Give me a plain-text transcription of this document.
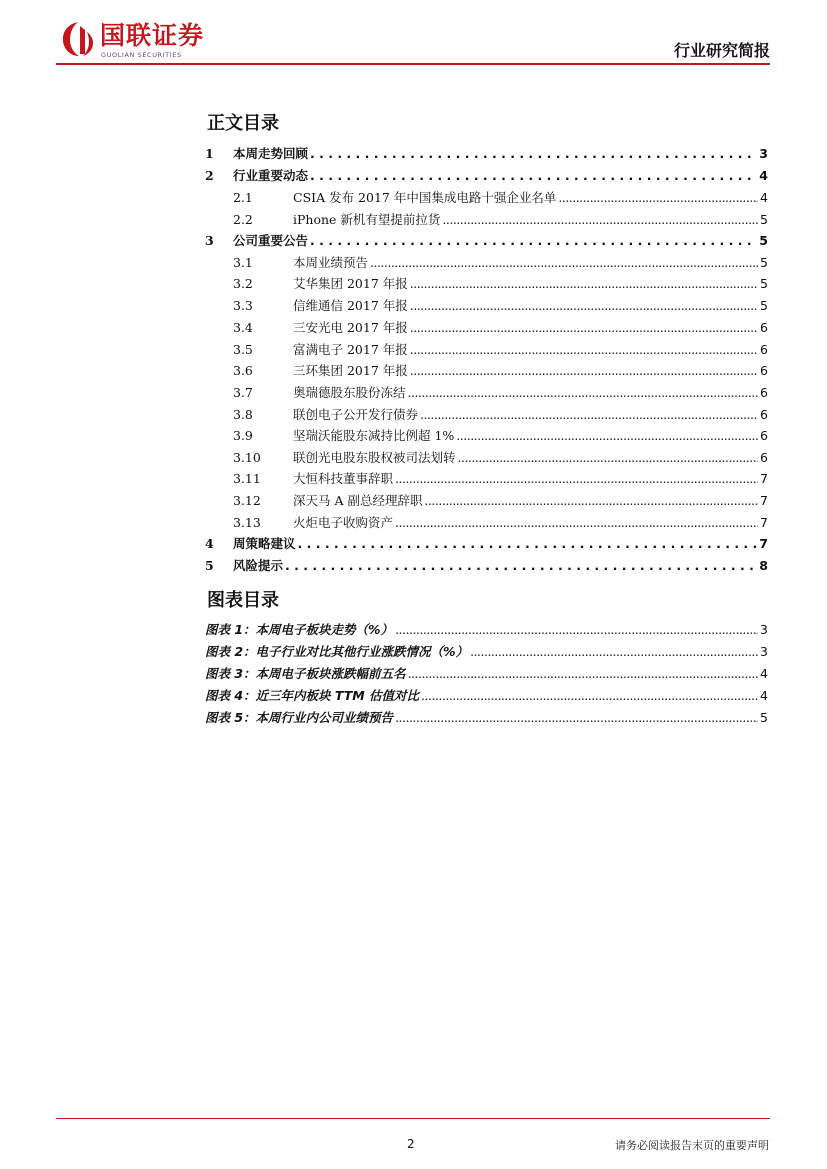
国联证券
GUOLIAN SECURITIES	行业研究简报
正文目录
1	本周走势回顾 . . .	3
2	行业重要动态 . . .	4
2.1	CSIA 发布 2017 年中国集成电路十强企业名单 .....	4
2.2	iPhone 新机有望提前拉货 .....	5
3	公司重要公告 . . .	5
3.1	本周业绩预告 .....	5
3.2	艾华集团 2017 年报 .....	5
3.3	信维通信 2017 年报 .....	5
3.4	三安光电 2017 年报 .....	6
3.5	富满电子 2017 年报 .....	6
3.6	三环集团 2017 年报 .....	6
3.7	奥瑞德股东股份冻结 .....	6
3.8	联创电子公开发行债券 .....	6
3.9	坚瑞沃能股东减持比例超 1% .....	6
3.10	联创光电股东股权被司法划转 .....	6
3.11	大恒科技董事辞职 .....	7
3.12	深天马 A 副总经理辞职 .....	7
3.13	火炬电子收购资产 .....	7
4	周策略建议 . . .	7
5	风险提示 . . .	8
图表目录
图表 1：本周电子板块走势（%） .....	3
图表 2：电子行业对比其他行业涨跌情况（%） .....	3
图表 3：本周电子板块涨跌幅前五名 .....	4
图表 4：近三年内板块 TTM 估值对比 .....	4
图表 5：本周行业内公司业绩预告 .....	5
2	请务必阅读报告末页的重要声明
